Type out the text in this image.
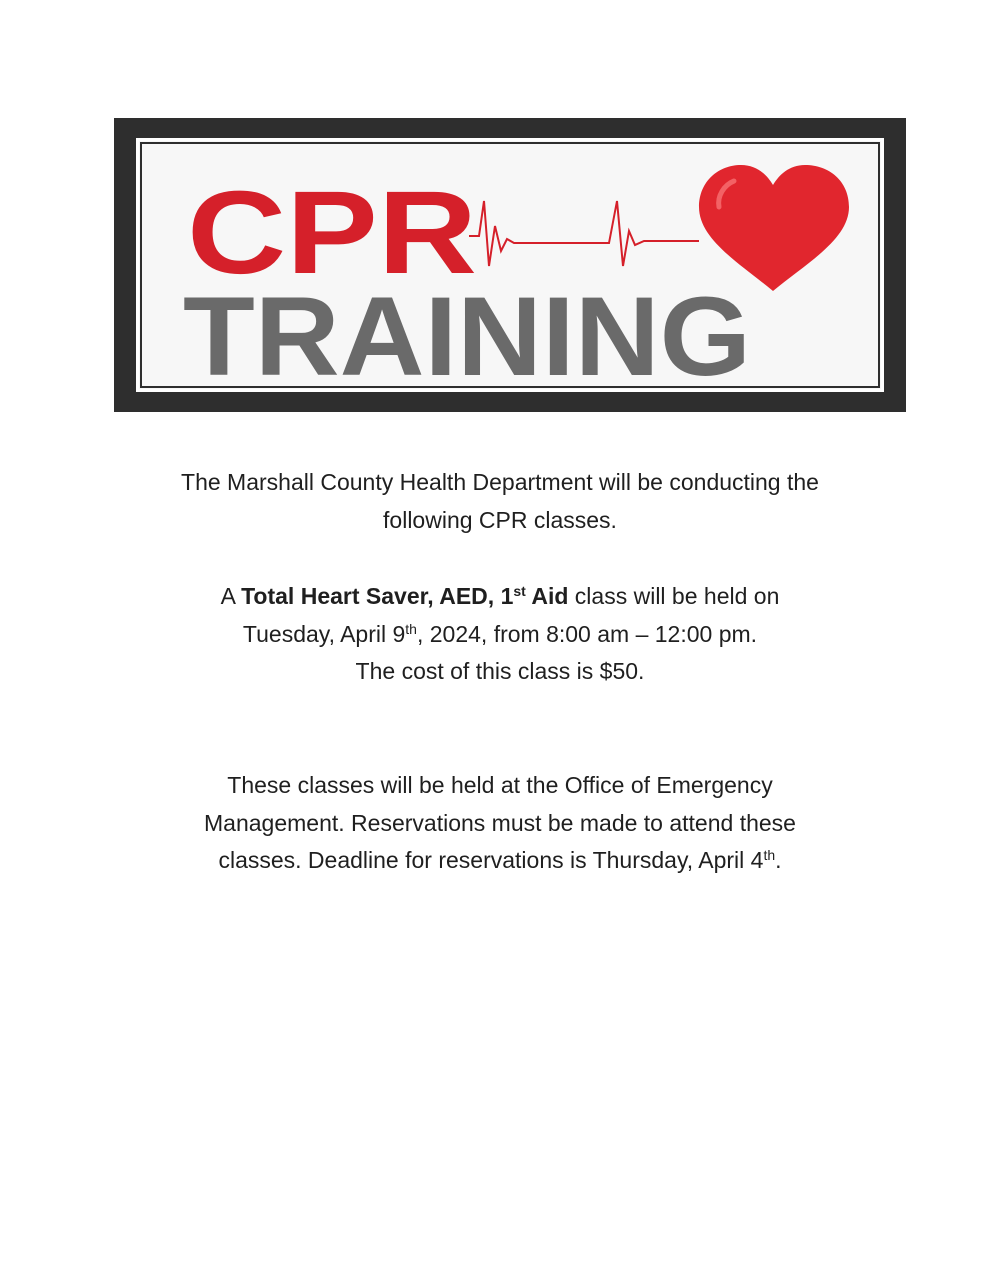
CPR
TRAINING
The Marshall County Health Department will be conducting the
following CPR classes.
A Total Heart Saver, AED, 1st Aid class will be held on
Tuesday, April 9th, 2024, from 8:00 am – 12:00 pm.
The cost of this class is $50.
These classes will be held at the Office of Emergency
Management. Reservations must be made to attend these
classes. Deadline for reservations is Thursday, April 4th.
